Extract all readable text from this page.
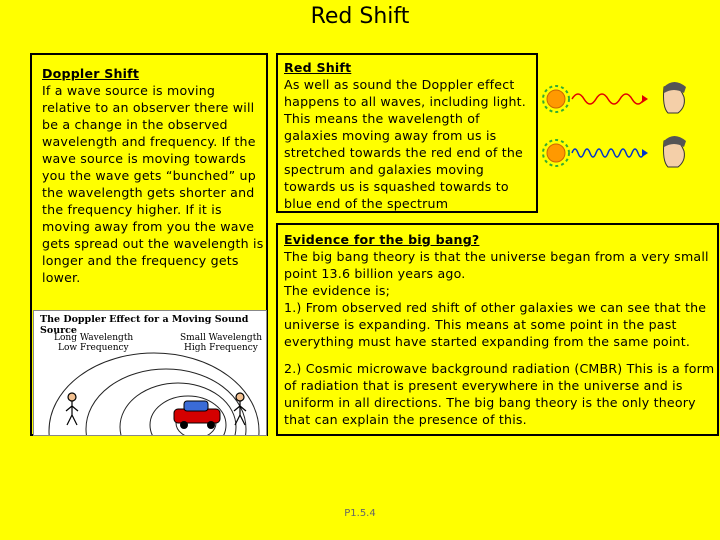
Red Shift
Doppler Shift
If a wave source is moving relative to an observer there will be a change in the observed wavelength and frequency. If the wave source is moving towards you the wave gets “bunched” up the wavelength gets shorter and the frequency higher. If it is moving away from you the wave gets spread out the wavelength is longer and the frequency gets lower.
The Doppler Effect for a Moving Sound Source
Long Wavelength
Low Frequency
Small Wavelength
High Frequency
Red Shift
As well as sound the Doppler effect happens to all waves, including light. This means the wavelength of galaxies moving away from us is stretched towards the red end of the spectrum and galaxies moving towards us is squashed towards to blue end of the spectrum
Evidence for the big bang?
The big bang theory is that the universe began from a very small point 13.6 billion years ago.
The evidence is;
1.) From observed red shift of other galaxies we can see that the universe is expanding. This means at some point in the past everything must have started expanding from the same point.
2.) Cosmic microwave background radiation (CMBR) This is a form of radiation that is present everywhere in the universe and is uniform in all directions. The big bang theory is the only theory that can explain the presence of this.
P1.5.4
